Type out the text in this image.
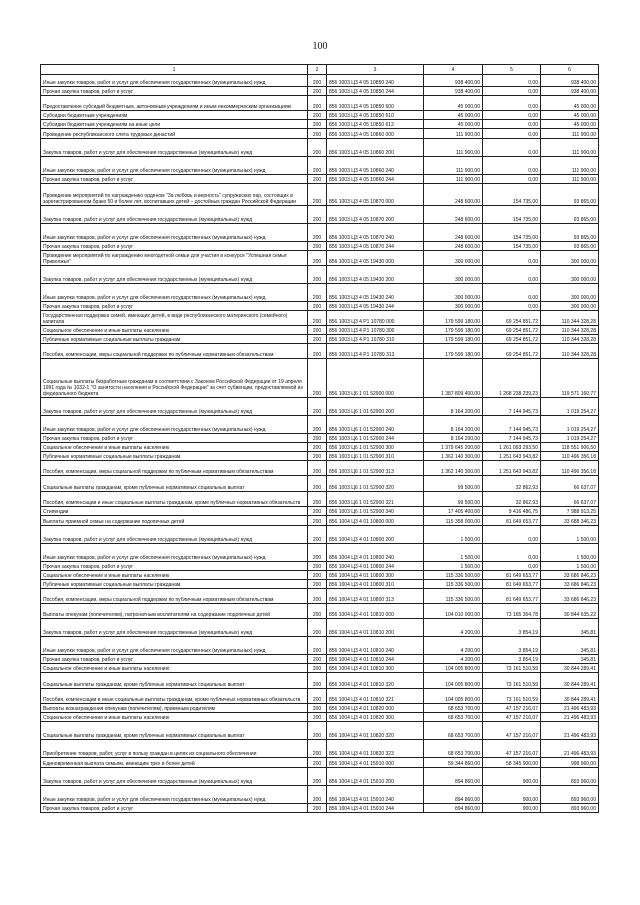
100
1	2	3	4	5	6
Иные закупки товаров, работ и услуг для обеспечения государственных (муниципальных) нужд	200	856 1003 Ц3 4 05 10850 240	938 400,00	0,00	938 400,00
Прочая закупка товаров, работ и услуг	200	856 1003 Ц3 4 05 10850 244	938 400,00	0,00	938 400,00
Предоставление субсидий бюджетным, автономным учреждениям и иным некоммерческим организациям	200	856 1003 Ц3 4 05 10850 600	45 000,00	0,00	45 000,00
Субсидии бюджетным учреждениям	200	856 1003 Ц3 4 05 10850 610	45 000,00	0,00	45 000,00
Субсидии бюджетным учреждениям на иные цели	200	856 1003 Ц3 4 05 10850 612	45 000,00	0,00	45 000,00
Проведение республиканского слета трудовых династий	200	856 1003 Ц3 4 05 10860 000	111 900,00	0,00	111 900,00
Закупка товаров, работ и услуг для обеспечения государственных (муниципальных) нужд	200	856 1003 Ц3 4 05 10860 200	111 900,00	0,00	111 900,00
Иные закупки товаров, работ и услуг для обеспечения государственных (муниципальных) нужд	200	856 1003 Ц3 4 05 10860 240	111 900,00	0,00	111 900,00
Прочая закупка товаров, работ и услуг	200	856 1003 Ц3 4 05 10860 244	111 900,00	0,00	111 900,00
Проведение мероприятий по награждению орденом "За любовь и верность" супружеских пар, состоящих в зарегистрированном браке 50 и более лет, воспитавших детей – достойных граждан Российской Федерации	200	856 1003 Ц3 4 05 10870 000	248 600,00	154 735,00	93 865,00
Закупка товаров, работ и услуг для обеспечения государственных (муниципальных) нужд	200	856 1003 Ц3 4 05 10870 200	248 600,00	154 735,00	93 865,00
Иные закупки товаров, работ и услуг для обеспечения государственных (муниципальных) нужд	200	856 1003 Ц3 4 05 10870 240	248 600,00	154 735,00	93 865,00
Прочая закупка товаров, работ и услуг	200	856 1003 Ц3 4 05 10870 244	248 600,00	154 735,00	93 865,00
Проведение мероприятий по награждению многодетной семьи для участия в конкурсе "Успешная семья Приволжья"	200	856 1003 Ц3 4 05 19430 000	300 000,00	0,00	300 000,00
Закупка товаров, работ и услуг для обеспечения государственных (муниципальных) нужд	200	856 1003 Ц3 4 05 19430 200	300 000,00	0,00	300 000,00
Иные закупки товаров, работ и услуг для обеспечения государственных (муниципальных) нужд	200	856 1003 Ц3 4 05 19430 240	300 000,00	0,00	300 000,00
Прочая закупка товаров, работ и услуг	200	856 1003 Ц3 4 05 19430 244	300 000,00	0,00	300 000,00
Государственная поддержка семей, имеющих детей, в виде республиканского материнского (семейного) капитала	200	856 1003 Ц3 4 Р1 10780 000	179 599 180,00	69 254 851,72	110 344 328,28
Социальное обеспечение и иные выплаты населению	200	856 1003 Ц3 4 Р1 10780 300	179 599 180,00	69 254 851,72	110 344 328,28
Публичные нормативные социальные выплаты гражданам	200	856 1003 Ц3 4 Р1 10780 310	179 599 180,00	69 254 851,72	110 344 328,28
Пособия, компенсации, меры социальной поддержки по публичным нормативным обязательствам	200	856 1003 Ц3 4 Р1 10780 313	179 599 180,00	69 254 851,72	110 344 328,28
Социальные выплаты безработным гражданам в соответствии с Законом Российской Федерации от 19 апреля 1991 года № 1032-1 "О занятости населения в Российской Федерации" за счет субвенции, предоставляемой из федерального бюджета	200	856 1003 Ц6 1 01 52900 000	1 387 809 400,00	1 268 238 239,23	119 571 160,77
Закупка товаров, работ и услуг для обеспечения государственных (муниципальных) нужд	200	856 1003 Ц6 1 01 52900 200	8 164 200,00	7 144 945,73	1 019 254,27
Иные закупки товаров, работ и услуг для обеспечения государственных (муниципальных) нужд	200	856 1003 Ц6 1 01 52900 240	8 164 200,00	7 144 945,73	1 019 254,27
Прочая закупка товаров, работ и услуг	200	856 1003 Ц6 1 01 52900 244	8 164 200,00	7 144 945,73	1 019 254,27
Социальное обеспечение и иные выплаты населению	200	856 1003 Ц6 1 01 52900 300	1 379 645 200,00	1 261 093 293,50	118 551 906,50
Публичные нормативные социальные выплаты гражданам	200	856 1003 Ц6 1 01 52900 310	1 362 140 300,00	1 251 643 943,82	110 496 356,18
Пособия, компенсации, меры социальной поддержки по публичным нормативным обязательствам	200	856 1003 Ц6 1 01 52900 313	1 362 140 300,00	1 251 643 943,82	110 496 356,18
Социальные выплаты гражданам, кроме публичных нормативных социальных выплат	200	856 1003 Ц6 1 01 52900 320	99 500,00	32 862,93	66 637,07
Пособия, компенсации и иные социальные выплаты гражданам, кроме публичных нормативных обязательств	200	856 1003 Ц6 1 01 52900 321	99 500,00	32 862,93	66 637,07
Стипендии	200	856 1003 Ц6 1 01 52900 340	17 405 400,00	9 416 486,75	7 988 913,25
Выплаты приемной семье на содержание подопечных детей	200	856 1004 Ц3 4 01 10800 000	115 358 000,00	81 649 653,77	33 688 346,23
Закупка товаров, работ и услуг для обеспечения государственных (муниципальных) нужд	200	856 1004 Ц3 4 01 10800 200	1 500,00	0,00	1 500,00
Иные закупки товаров, работ и услуг для обеспечения государственных (муниципальных) нужд	200	856 1004 Ц3 4 01 10800 240	1 500,00	0,00	1 500,00
Прочая закупка товаров, работ и услуг	200	856 1004 Ц3 4 01 10800 244	1 500,00	0,00	1 500,00
Социальное обеспечение и иные выплаты населению	200	856 1004 Ц3 4 01 10800 300	115 336 500,00	81 649 653,77	33 686 846,23
Публичные нормативные социальные выплаты гражданам	200	856 1004 Ц3 4 01 10800 310	115 336 500,00	81 649 653,77	33 686 846,23
Пособия, компенсации, меры социальной поддержки по публичным нормативным обязательствам	200	856 1004 Ц3 4 01 10800 313	115 336 500,00	81 649 653,77	33 686 846,23
Выплаты опекунам (попечителям), патронатным воспитателям на содержание подопечных детей	200	856 1004 Ц3 4 01 10810 000	104 010 000,00	73 165 364,78	30 844 635,22
Закупка товаров, работ и услуг для обеспечения государственных (муниципальных) нужд	200	856 1004 Ц3 4 01 10810 200	4 200,00	3 854,19	345,81
Иные закупки товаров, работ и услуг для обеспечения государственных (муниципальных) нужд	200	856 1004 Ц3 4 01 10810 240	4 200,00	3 854,19	345,81
Прочая закупка товаров, работ и услуг	200	856 1004 Ц3 4 01 10810 244	4 200,00	3 854,19	345,81
Социальное обеспечение и иные выплаты населению	200	856 1004 Ц3 4 01 10810 300	104 005 800,00	73 161 510,59	30 844 289,41
Социальные выплаты гражданам, кроме публичных нормативных социальных выплат	200	856 1004 Ц3 4 01 10810 320	104 005 800,00	73 161 510,59	30 844 289,41
Пособия, компенсации и иные социальные выплаты гражданам, кроме публичных нормативных обязательств	200	856 1004 Ц3 4 01 10810 321	104 005 800,00	73 161 510,59	30 844 289,41
Выплаты вознаграждения опекунам (попечителям), приемным родителям	200	856 1004 Ц3 4 01 10820 000	68 653 700,00	47 157 216,07	21 496 483,93
Социальное обеспечение и иные выплаты населению	200	856 1004 Ц3 4 01 10820 300	68 653 700,00	47 157 216,07	21 496 483,93
Социальные выплаты гражданам, кроме публичных нормативных социальных выплат	200	856 1004 Ц3 4 01 10820 320	68 653 700,00	47 157 216,07	21 496 483,93
Приобретение товаров, работ, услуг в пользу граждан в целях их социального обеспечения	200	856 1004 Ц3 4 01 10820 323	68 653 700,00	47 157 216,07	21 496 483,93
Единовременная выплата семьям, имеющим трех и более детей	200	856 1004 Ц3 4 01 15910 000	59 344 860,00	58 345 900,00	998 960,00
Закупка товаров, работ и услуг для обеспечения государственных (муниципальных) нужд	200	856 1004 Ц3 4 01 15910 200	894 860,00	900,00	893 960,00
Иные закупки товаров, работ и услуг для обеспечения государственных (муниципальных) нужд	200	856 1004 Ц3 4 01 15910 240	894 860,00	900,00	893 960,00
Прочая закупка товаров, работ и услуг	200	856 1004 Ц3 4 01 15910 244	894 860,00	900,00	893 960,00
